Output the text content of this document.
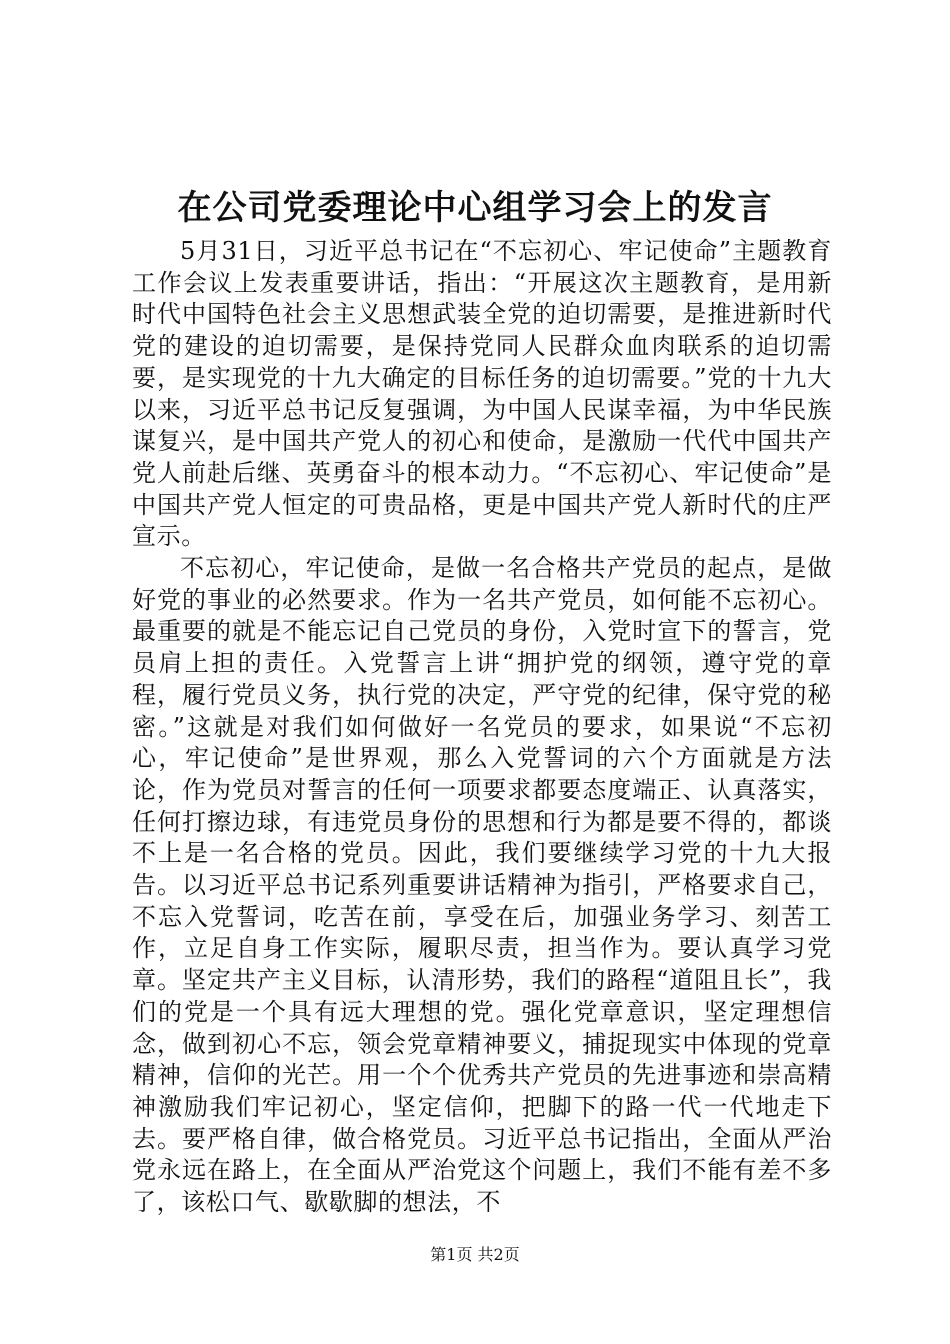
在公司党委理论中心组学习会上的发言

5月31日，习近平总书记在“不忘初心、牢记使命”主题教育工作会议上发表重要讲话，指出：“开展这次主题教育，是用新时代中国特色社会主义思想武装全党的迫切需要，是推进新时代党的建设的迫切需要，是保持党同人民群众血肉联系的迫切需要，是实现党的十九大确定的目标任务的迫切需要。”党的十九大以来，习近平总书记反复强调，为中国人民谋幸福，为中华民族谋复兴，是中国共产党人的初心和使命，是激励一代代中国共产党人前赴后继、英勇奋斗的根本动力。“不忘初心、牢记使命”是中国共产党人恒定的可贵品格，更是中国共产党人新时代的庄严宣示。

不忘初心，牢记使命，是做一名合格共产党员的起点，是做好党的事业的必然要求。作为一名共产党员，如何能不忘初心。最重要的就是不能忘记自己党员的身份，入党时宣下的誓言，党员肩上担的责任。入党誓言上讲“拥护党的纲领，遵守党的章程，履行党员义务，执行党的决定，严守党的纪律，保守党的秘密。”这就是对我们如何做好一名党员的要求，如果说“不忘初心，牢记使命”是世界观，那么入党誓词的六个方面就是方法论，作为党员对誓言的任何一项要求都要态度端正、认真落实，任何打擦边球，有违党员身份的思想和行为都是要不得的，都谈不上是一名合格的党员。因此，我们要继续学习党的十九大报告。以习近平总书记系列重要讲话精神为指引，严格要求自己，不忘入党誓词，吃苦在前，享受在后，加强业务学习、刻苦工作，立足自身工作实际，履职尽责，担当作为。要认真学习党章。坚定共产主义目标，认清形势，我们的路程“道阻且长”，我们的党是一个具有远大理想的党。强化党章意识，坚定理想信念，做到初心不忘，领会党章精神要义，捕捉现实中体现的党章精神，信仰的光芒。用一个个优秀共产党员的先进事迹和崇高精神激励我们牢记初心，坚定信仰，把脚下的路一代一代地走下去。要严格自律，做合格党员。习近平总书记指出，全面从严治党永远在路上，在全面从严治党这个问题上，我们不能有差不多了，该松口气、歇歇脚的想法，不

第1页 共2页
